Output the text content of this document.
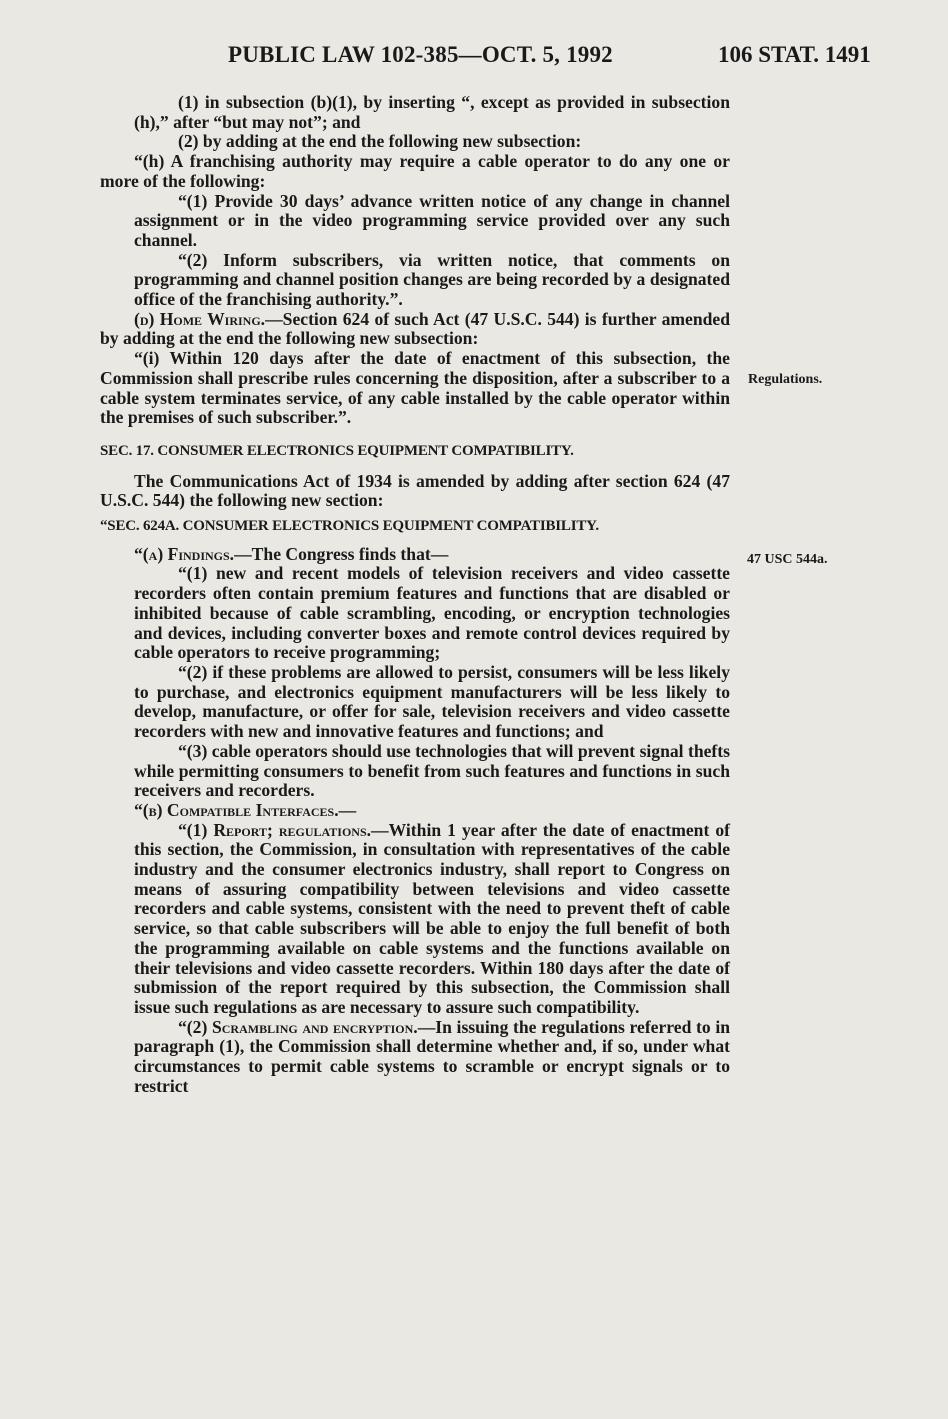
PUBLIC LAW 102-385—OCT. 5, 1992	106 STAT. 1491
Regulations.
47 USC 544a.

(1) in subsection (b)(1), by inserting “, except as provided in subsection (h),” after “but may not”; and

(2) by adding at the end the following new subsection:

“(h) A franchising authority may require a cable operator to do any one or more of the following:

“(1) Provide 30 days’ advance written notice of any change in channel assignment or in the video programming service provided over any such channel.

“(2) Inform subscribers, via written notice, that comments on programming and channel position changes are being recorded by a designated office of the franchising authority.”.

(d) Home Wiring.—Section 624 of such Act (47 U.S.C. 544) is further amended by adding at the end the following new subsection:

“(i) Within 120 days after the date of enactment of this subsection, the Commission shall prescribe rules concerning the disposition, after a subscriber to a cable system terminates service, of any cable installed by the cable operator within the premises of such subscriber.”.

SEC. 17. CONSUMER ELECTRONICS EQUIPMENT COMPATIBILITY.

The Communications Act of 1934 is amended by adding after section 624 (47 U.S.C. 544) the following new section:

“SEC. 624A. CONSUMER ELECTRONICS EQUIPMENT COMPATIBILITY.

“(a) Findings.—The Congress finds that—

“(1) new and recent models of television receivers and video cassette recorders often contain premium features and functions that are disabled or inhibited because of cable scrambling, encoding, or encryption technologies and devices, including converter boxes and remote control devices required by cable operators to receive programming;

“(2) if these problems are allowed to persist, consumers will be less likely to purchase, and electronics equipment manufacturers will be less likely to develop, manufacture, or offer for sale, television receivers and video cassette recorders with new and innovative features and functions; and

“(3) cable operators should use technologies that will prevent signal thefts while permitting consumers to benefit from such features and functions in such receivers and recorders.

“(b) Compatible Interfaces.—

“(1) Report; regulations.—Within 1 year after the date of enactment of this section, the Commission, in consultation with representatives of the cable industry and the consumer electronics industry, shall report to Congress on means of assuring compatibility between televisions and video cassette recorders and cable systems, consistent with the need to prevent theft of cable service, so that cable subscribers will be able to enjoy the full benefit of both the programming available on cable systems and the functions available on their televisions and video cassette recorders. Within 180 days after the date of submission of the report required by this subsection, the Commission shall issue such regulations as are necessary to assure such compatibility.

“(2) Scrambling and encryption.—In issuing the regulations referred to in paragraph (1), the Commission shall determine whether and, if so, under what circumstances to permit cable systems to scramble or encrypt signals or to restrict
